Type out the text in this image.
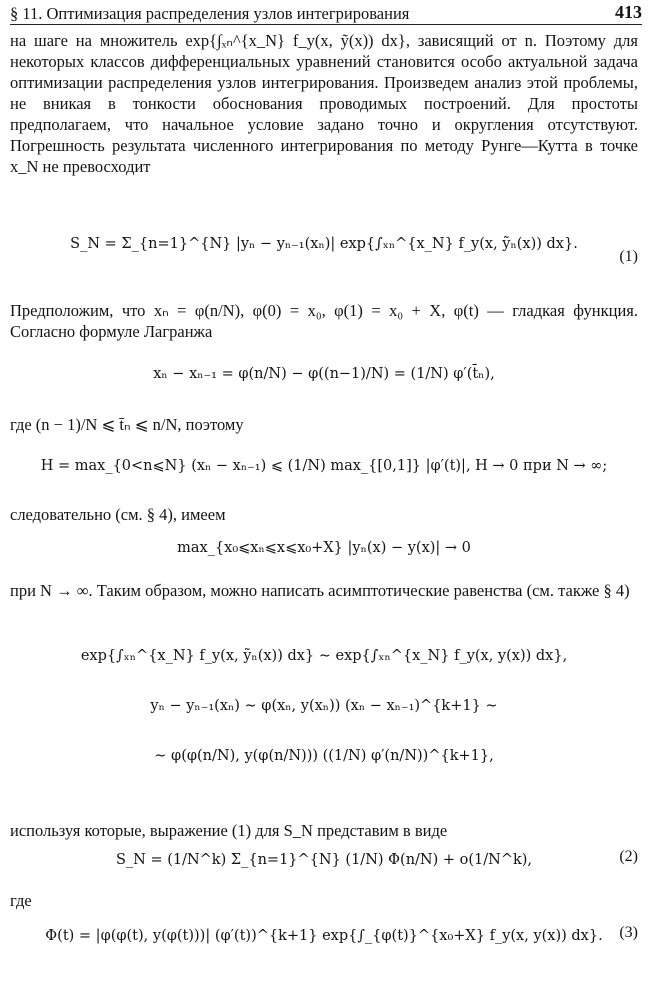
§ 11. Оптимизация распределения узлов интегрирования	413

на шаге на множитель exp{∫ₓₙ^{x_N} f_y(x, ỹ(x)) dx}, зависящий от n. Поэтому для некоторых классов дифференциальных уравнений становится особо актуальной задача оптимизации распределения узлов интегрирования. Произведем анализ этой проблемы, не вникая в тонкости обоснования проводимых построений. Для простоты предполагаем, что начальное условие задано точно и округления отсутствуют. Погрешность результата численного интегрирования по методу Рунге—Кутта в точке x_N не превосходит

S_N = Σ_{n=1}^{N} |yₙ − yₙ₋₁(xₙ)| exp{∫ₓₙ^{x_N} f_y(x, ỹₙ(x)) dx}.
(1)

Предположим, что xₙ = φ(n/N), φ(0) = x₀, φ(1) = x₀ + X, φ(t) — гладкая функция. Согласно формуле Лагранжа

xₙ − xₙ₋₁ = φ(n/N) − φ((n−1)/N) = (1/N) φ′(t̄ₙ),

где (n − 1)/N ⩽ t̄ₙ ⩽ n/N, поэтому

H = max_{0<n⩽N} (xₙ − xₙ₋₁) ⩽ (1/N) max_{[0,1]} |φ′(t)|, H → 0 при N → ∞;

следовательно (см. § 4), имеем

max_{x₀⩽xₙ⩽x⩽x₀+X} |yₙ(x) − y(x)| → 0

при N → ∞. Таким образом, можно написать асимптотические равенства (см. также § 4)

exp{∫ₓₙ^{x_N} f_y(x, ỹₙ(x)) dx} ∼ exp{∫ₓₙ^{x_N} f_y(x, y(x)) dx},
yₙ − yₙ₋₁(xₙ) ∼ φ(xₙ, y(xₙ)) (xₙ − xₙ₋₁)^{k+1} ∼
∼ φ(φ(n/N), y(φ(n/N))) ((1/N) φ′(n/N))^{k+1},

используя которые, выражение (1) для S_N представим в виде

S_N = (1/N^k) Σ_{n=1}^{N} (1/N) Φ(n/N) + o(1/N^k),	(2)

где

Φ(t) = |φ(φ(t), y(φ(t)))| (φ′(t))^{k+1} exp{∫_{φ(t)}^{x₀+X} f_y(x, y(x)) dx}.	(3)
